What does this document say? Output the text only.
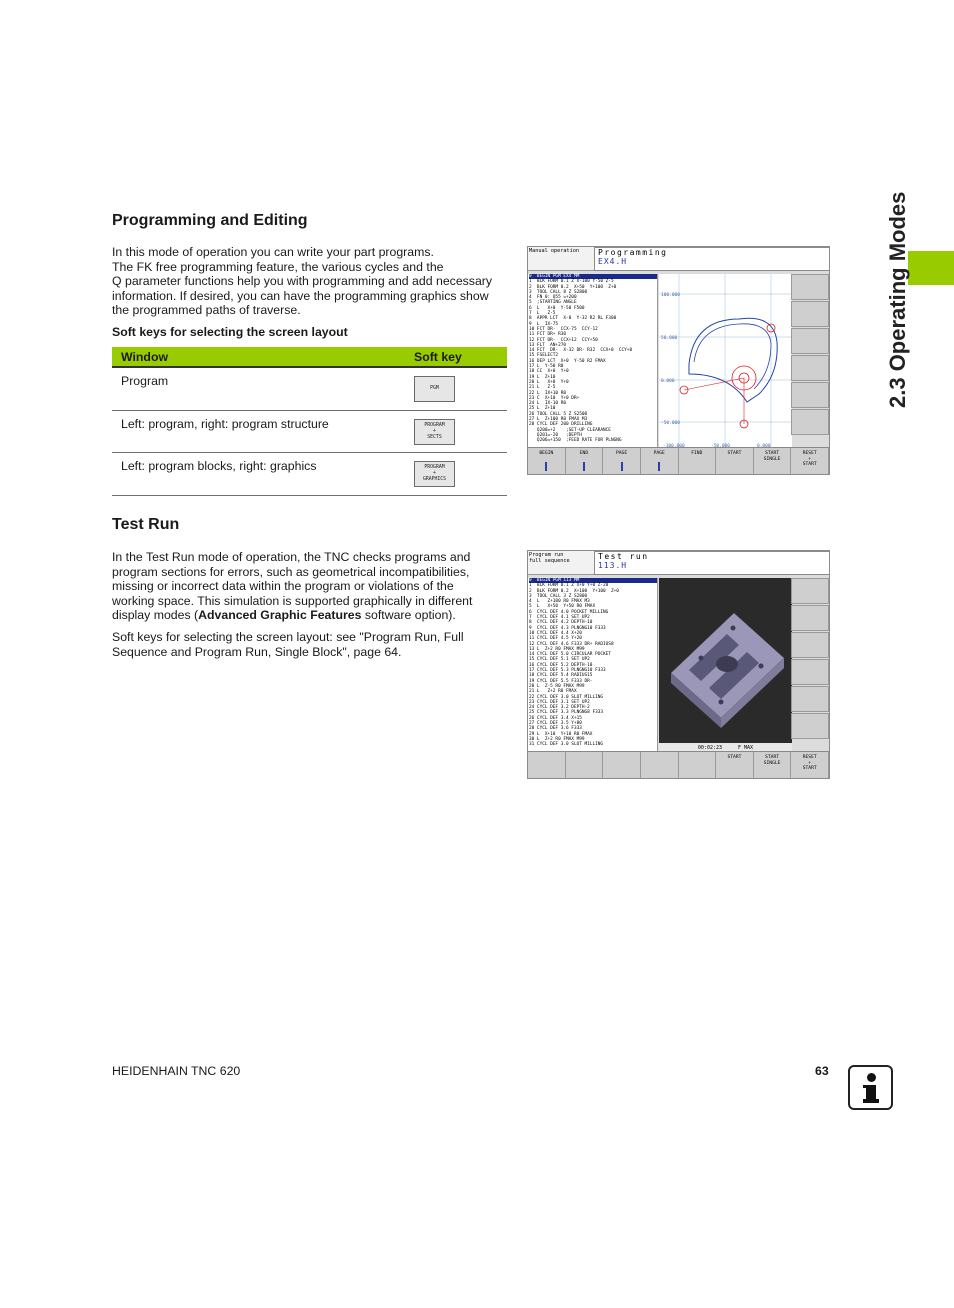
2.3 Operating Modes
Programming and Editing
In this mode of operation you can write your part programs.
The FK free programming feature, the various cycles and the
Q parameter functions help you with programming and add necessary
information. If desired, you can have the programming graphics show
the programmed paths of traverse.
Soft keys for selecting the screen layout
Window	Soft key
Program
PGM
Left: program, right: program structure	PROGRAM
+
SECTS
Left: program blocks, right: graphics	PROGRAM
+
GRAPHICS
Manual operation	Programming
EX4.H
0  BEGIN PGM EX4 MM
1  BLK FORM 0.1 Z X-100 Y-50 Z-5
2  BLK FORM 0.2  X+50  Y+100  Z+0
3  TOOL CALL 8 Z S2800
4  FN 0: Q55 =+200
5  ;STARTING ANGLE
6  L   X+0  Y-50 F500
7  L   Z-5
8  APPR LCT  X-8  Y-32 R2 RL F300
9  L  IX-75
10 FCT DR-  CCX-75  CCY-12
11 FCT DR+ R30
12 FCT DR-  CCX+12  CCY+50
13 FLT  AN+270
14 FCT  DR-  X-32 DR- R32  CCX+0  CCY+0
15 FSELECT2
16 DEP LCT  X+0  Y-50 R2 FMAX
17 L  Y-50 R0
18 CC  X+0  Y+0
19 L  Z+10
20 L   X+0  Y+0
21 L   Z-5
22 L  IX+10 R0
23 C  X+10  Y+0 DR+
24 L  IX-10 R0
25 L  Z+10
26 TOOL CALL 5 Z S2500
27 L  Z+100 R0 FMAX M3
28 CYCL DEF 200 DRILLING
Q200=+2    ;SET-UP CLEARANCE
Q201=-20   ;DEPTH
Q206=+150  ;FEED RATE FOR PLNGNG
100.000
50.000
0.000
-50.000
BEGIN	END	PAGE	PAGE	FIND	START	START
SINGLE
RESET
+
START
Test Run
In the Test Run mode of operation, the TNC checks programs and
program sections for errors, such as geometrical incompatibilities,
missing or incorrect data within the program or violations of the
working space. This simulation is supported graphically in different
display modes (Advanced Graphic Features software option).
Soft keys for selecting the screen layout: see "Program Run, Full
Sequence and Program Run, Single Block", page 64.
Program run
full sequence	Test run
113.H
0  BEGIN PGM 113 MM
1  BLK FORM 0.1 Z X+0 Y+0 Z-20
2  BLK FORM 0.2  X+100  Y+100  Z+0
3  TOOL CALL 3 Z S2800
4  L   Z+100 R0 FMAX M3
5  L   X+50  Y+50 R0 FMAX
6  CYCL DEF 4.0 POCKET MILLING
7  CYCL DEF 4.1 SET UP2
8  CYCL DEF 4.2 DEPTH-10
9  CYCL DEF 4.3 PLNGNG10 F333
10 CYCL DEF 4.4 X+20
11 CYCL DEF 4.5 Y+20
12 CYCL DEF 4.6 F333 DR+ RADIUS8
13 L  Z+2 R0 FMAX M99
14 CYCL DEF 5.0 CIRCULAR POCKET
15 CYCL DEF 5.1 SET UP2
16 CYCL DEF 5.2 DEPTH-10
17 CYCL DEF 5.3 PLNGNG10 F333
18 CYCL DEF 5.4 RADIUS15
19 CYCL DEF 5.5 F333 DR-
20 L  Z-5 R0 FMAX M99
21 L   Z+2 R0 FMAX
22 CYCL DEF 3.0 SLOT MILLING
23 CYCL DEF 3.1 SET UP2
24 CYCL DEF 3.2 DEPTH-2
25 CYCL DEF 3.3 PLNGNG8 F333
26 CYCL DEF 3.4 X+15
27 CYCL DEF 3.5 Y+80
28 CYCL DEF 3.6 F333
29 L  X+10  Y+10 R0 FMAX
30 L  Z+2 R0 FMAX M99
31 CYCL DEF 3.0 SLOT MILLING
00:02:23	F MAX
START	START
SINGLE
RESET
+
START
HEIDENHAIN TNC 620	63
